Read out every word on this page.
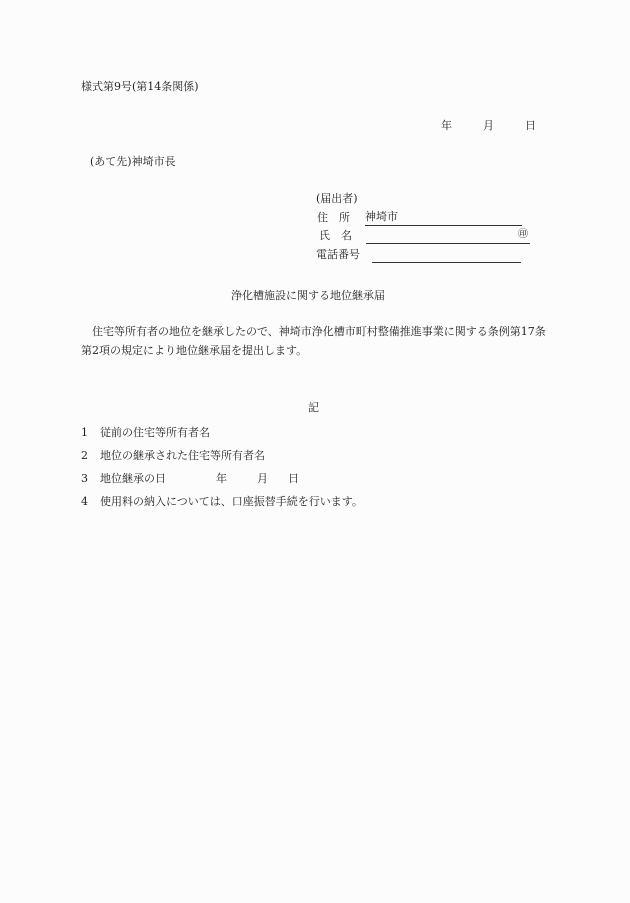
様式第9号(第14条関係)
年	月	日
(あて先)神埼市長
(届出者)
住　所 神埼市
氏　名	㊞
電話番号
浄化槽施設に関する地位継承届
住宅等所有者の地位を継承したので、神埼市浄化槽市町村整備推進事業に関する条例第17条第2項の規定により地位継承届を提出します。
記
1 従前の住宅等所有者名
2 地位の継承された住宅等所有者名
3 地位継承の日	年	月 日
4 使用料の納入については、口座振替手続を行います。
